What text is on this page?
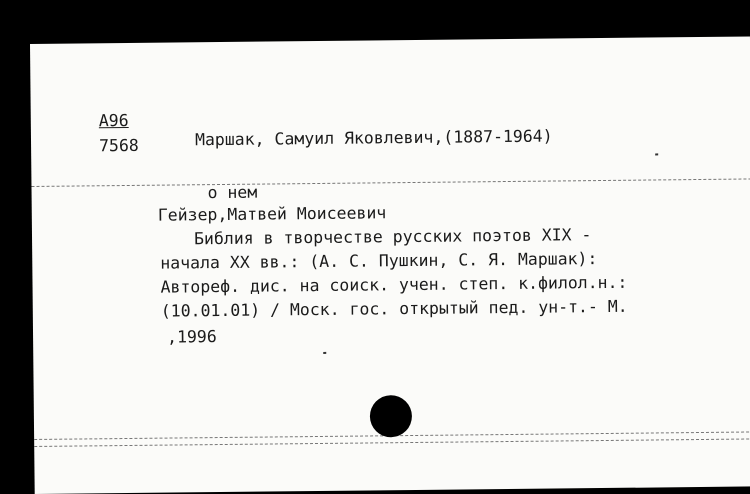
А96
7568	Маршак, Самуил Яковлевич,(1887-1964)
о нем
Гейзер,Матвей Моисеевич
Библия в творчестве русских поэтов XIX -
начала XX вв.: (А. С. Пушкин, С. Я. Маршак):
Автореф. дис. на соиск. учен. степ. к.филол.н.:
(10.01.01) / Моск. гос. открытый пед. ун-т.- М.
,1996
